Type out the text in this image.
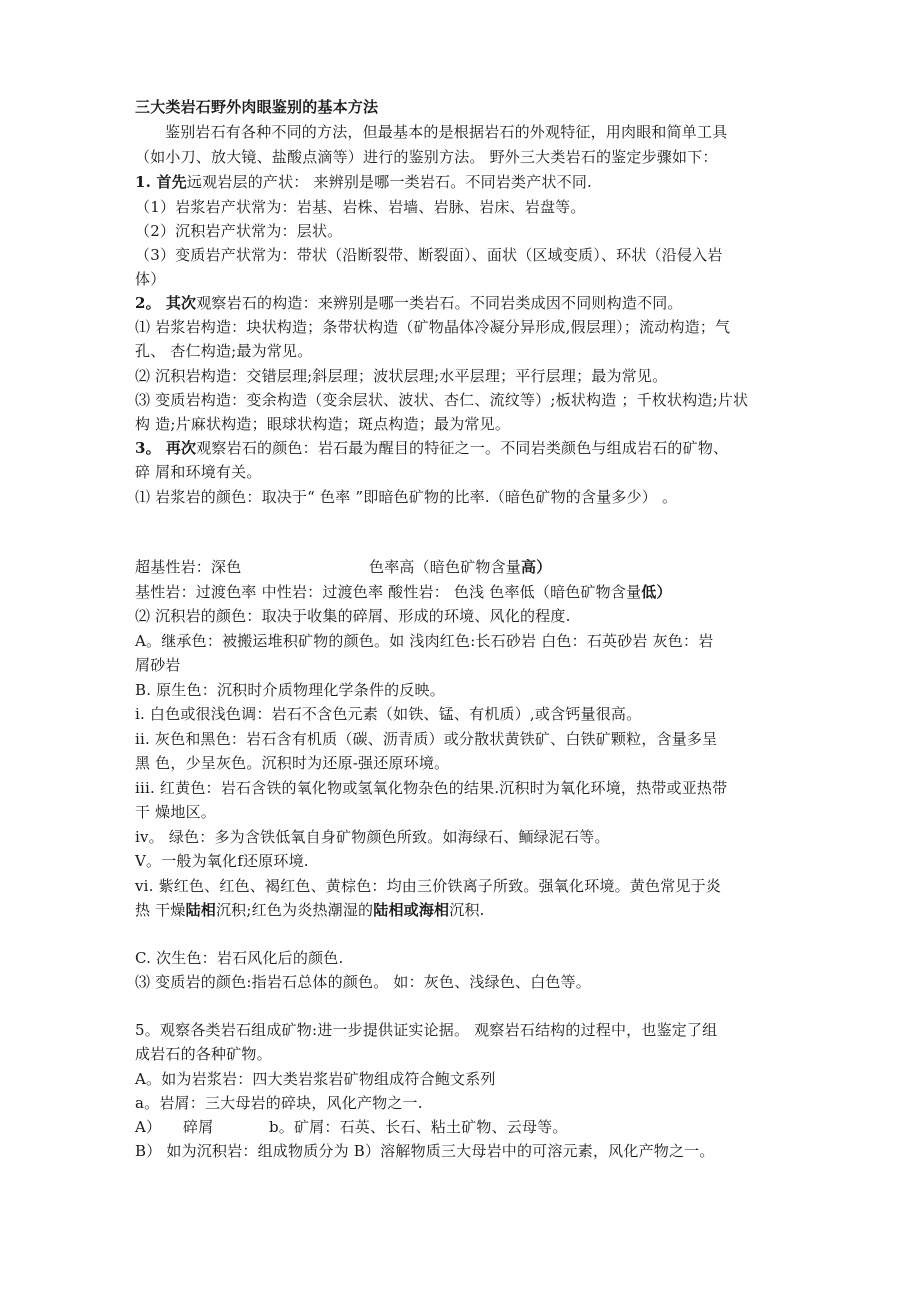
三大类岩石野外肉眼鉴别的基本方法
鉴别岩石有各种不同的方法，但最基本的是根据岩石的外观特征，用肉眼和简单工具
（如小刀、放大镜、盐酸点滴等）进行的鉴别方法。 野外三大类岩石的鉴定步骤如下：
1. 首先远观岩层的产状： 来辨别是哪一类岩石。不同岩类产状不同.
（1）岩浆岩产状常为：岩基、岩株、岩墙、岩脉、岩床、岩盘等。
（2）沉积岩产状常为：层状。
（3）变质岩产状常为：带状（沿断裂带、断裂面）、面状（区域变质）、环状（沿侵入岩
体）
2。 其次观察岩石的构造：来辨别是哪一类岩石。不同岩类成因不同则构造不同。
⑴ 岩浆岩构造：块状构造；条带状构造（矿物晶体冷凝分异形成,假层理）；流动构造；气
孔、 杏仁构造;最为常见。
⑵ 沉积岩构造：交错层理;斜层理；波状层理;水平层理；平行层理；最为常见。
⑶ 变质岩构造：变余构造（变余层状、波状、杏仁、流纹等）;板状构造 ；千枚状构造;片状
构 造;片麻状构造；眼球状构造；斑点构造；最为常见。
3。 再次观察岩石的颜色：岩石最为醒目的特征之一。不同岩类颜色与组成岩石的矿物、
碎 屑和环境有关。
⑴ 岩浆岩的颜色：取决于“ 色率 ”即暗色矿物的比率.（暗色矿物的含量多少） 。
超基性岩：深色	色率高（暗色矿物含量高）
基性岩：过渡色率 中性岩：过渡色率 酸性岩： 色浅 色率低（暗色矿物含量低）
⑵ 沉积岩的颜色：取决于收集的碎屑、形成的环境、风化的程度.
A。继承色：被搬运堆积矿物的颜色。如 浅肉红色:长石砂岩 白色：石英砂岩 灰色：岩
屑砂岩
B. 原生色：沉积时介质物理化学条件的反映。
i. 白色或很浅色调：岩石不含色元素（如铁、锰、有机质）,或含钙量很高。
ii. 灰色和黑色：岩石含有机质（碳、沥青质）或分散状黄铁矿、白铁矿颗粒，含量多呈
黑 色，少呈灰色。沉积时为还原-强还原环境。
iii. 红黄色：岩石含铁的氧化物或氢氧化物杂色的结果.沉积时为氧化环境，热带或亚热带
干 燥地区。
iv。 绿色：多为含铁低氧自身矿物颜色所致。如海绿石、鲕绿泥石等。
V。一般为氧化f还原环境.
vi. 紫红色、红色、褐红色、黄棕色：均由三价铁离子所致。强氧化环境。黄色常见于炎
热 干燥陆相沉积;红色为炎热潮湿的陆相或海相沉积.
C. 次生色：岩石风化后的颜色.
⑶ 变质岩的颜色:指岩石总体的颜色。 如：灰色、浅绿色、白色等。
5。观察各类岩石组成矿物:进一步提供证实论据。 观察岩石结构的过程中，也鉴定了组
成岩石的各种矿物。
A。如为岩浆岩：四大类岩浆岩矿物组成符合鲍文系列
a。岩屑：三大母岩的碎块，风化产物之一.
A） 碎屑	b。矿屑：石英、长石、粘土矿物、云母等。
B） 如为沉积岩：组成物质分为 B）溶解物质三大母岩中的可溶元素，风化产物之一。
